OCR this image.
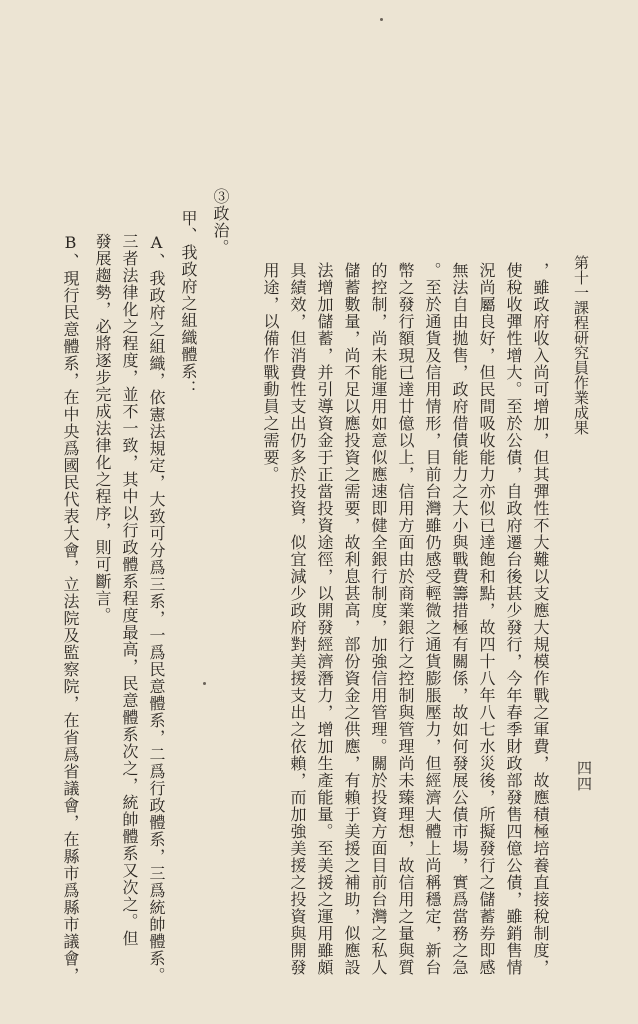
第十一課程研究員作業成果
四四
，雖政府收入尚可增加，但其彈性不大難以支應大規模作戰之軍費，故應積極培養直接稅制度，
使稅收彈性增大。至於公債，自政府遷台後甚少發行，今年春季財政部發售四億公債，雖銷售情
況尚屬良好，但民間吸收能力亦似已達飽和點，故四十八年八七水災後，所擬發行之儲蓄券即感
無法自由拋售，政府借債能力之大小與戰費籌措極有關係，故如何發展公債市場，實爲當務之急
。至於通貨及信用情形，目前台灣雖仍感受輕微之通貨膨脹壓力，但經濟大體上尚稱穩定，新台
幣之發行額現已達廿億以上，信用方面由於商業銀行之控制與管理尚未臻理想，故信用之量與質
的控制，尚未能運用如意似應速即健全銀行制度，加強信用管理。關於投資方面目前台灣之私人
儲蓄數量，尚不足以應投資之需要，故利息甚高，部份資金之供應，有賴于美援之補助，似應設
法增加儲蓄，并引導資金于正當投資途徑，以開發經濟潛力，增加生產能量。至美援之運用雖頗
具績效，但消費性支出仍多於投資，似宜減少政府對美援支出之依賴，而加強美援之投資與開發
用途，以備作戰動員之需要。
③政治。
甲、我政府之組織體系：
A、我政府之組織，依憲法規定，大致可分爲三系，一爲民意體系，二爲行政體系，三爲統帥體系。
三者法律化之程度，並不一致，其中以行政體系程度最高，民意體系次之，統帥體系又次之。但
發展趨勢，必將逐步完成法律化之程序，則可斷言。
B、現行民意體系，在中央爲國民代表大會，立法院及監察院，在省爲省議會，在縣市爲縣市議會，
